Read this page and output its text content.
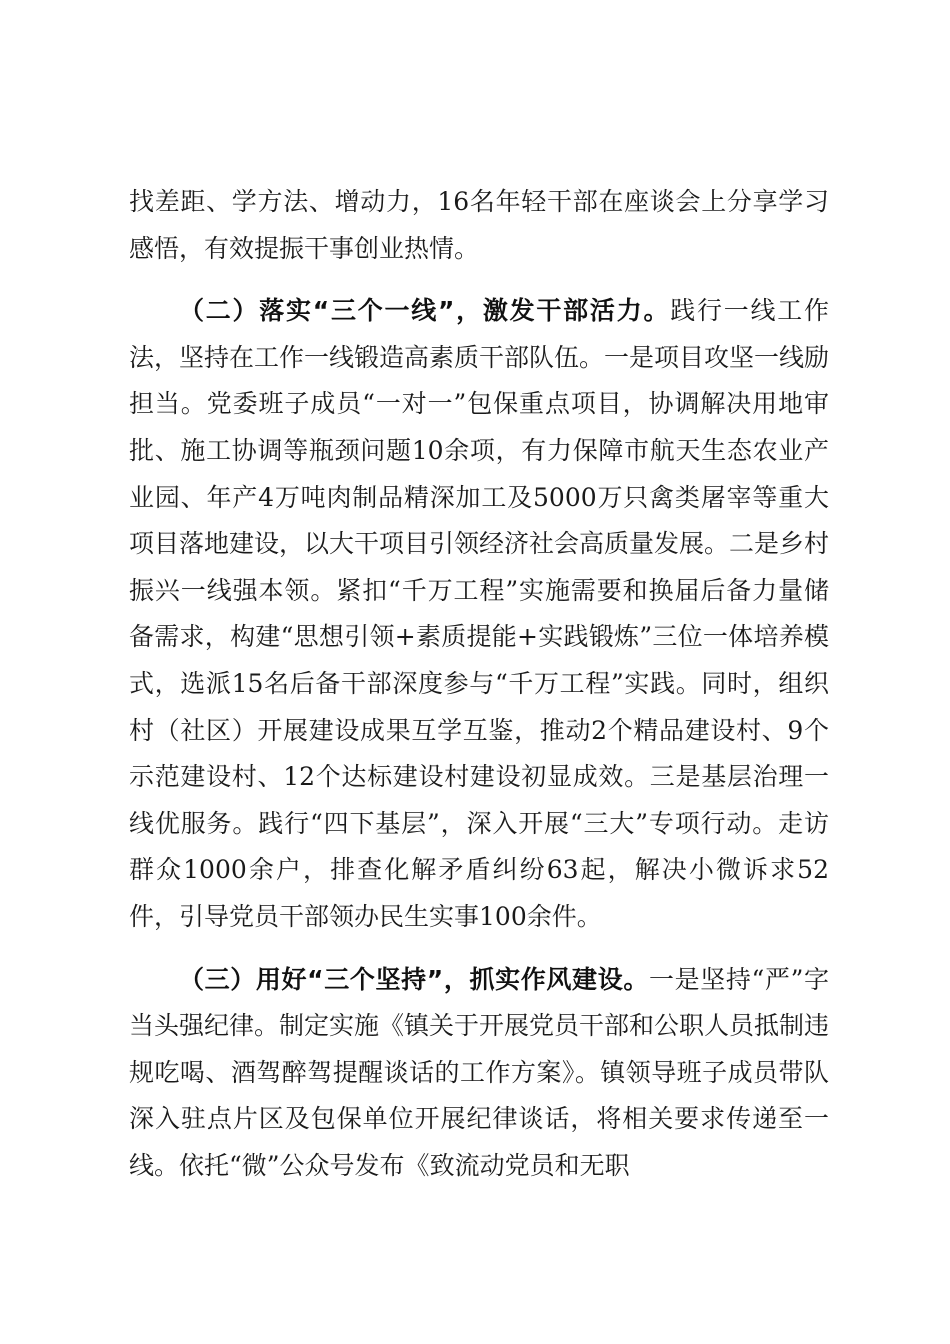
找差距、学方法、增动力，16名年轻干部在座谈会上分享学习感悟，有效提振干事创业热情。

（二）落实“三个一线”，激发干部活力。践行一线工作法，坚持在工作一线锻造高素质干部队伍。一是项目攻坚一线励担当。党委班子成员“一对一”包保重点项目，协调解决用地审批、施工协调等瓶颈问题10余项，有力保障市航天生态农业产业园、年产4万吨肉制品精深加工及5000万只禽类屠宰等重大项目落地建设，以大干项目引领经济社会高质量发展。二是乡村振兴一线强本领。紧扣“千万工程”实施需要和换届后备力量储备需求，构建“思想引领+素质提能+实践锻炼”三位一体培养模式，选派15名后备干部深度参与“千万工程”实践。同时，组织村（社区）开展建设成果互学互鉴，推动2个精品建设村、9个示范建设村、12个达标建设村建设初显成效。三是基层治理一线优服务。践行“四下基层”，深入开展“三大”专项行动。走访群众1000余户，排查化解矛盾纠纷63起，解决小微诉求52件，引导党员干部领办民生实事100余件。

（三）用好“三个坚持”，抓实作风建设。一是坚持“严”字当头强纪律。制定实施《镇关于开展党员干部和公职人员抵制违规吃喝、酒驾醉驾提醒谈话的工作方案》。镇领导班子成员带队深入驻点片区及包保单位开展纪律谈话，将相关要求传递至一线。依托“微”公众号发布《致流动党员和无职
